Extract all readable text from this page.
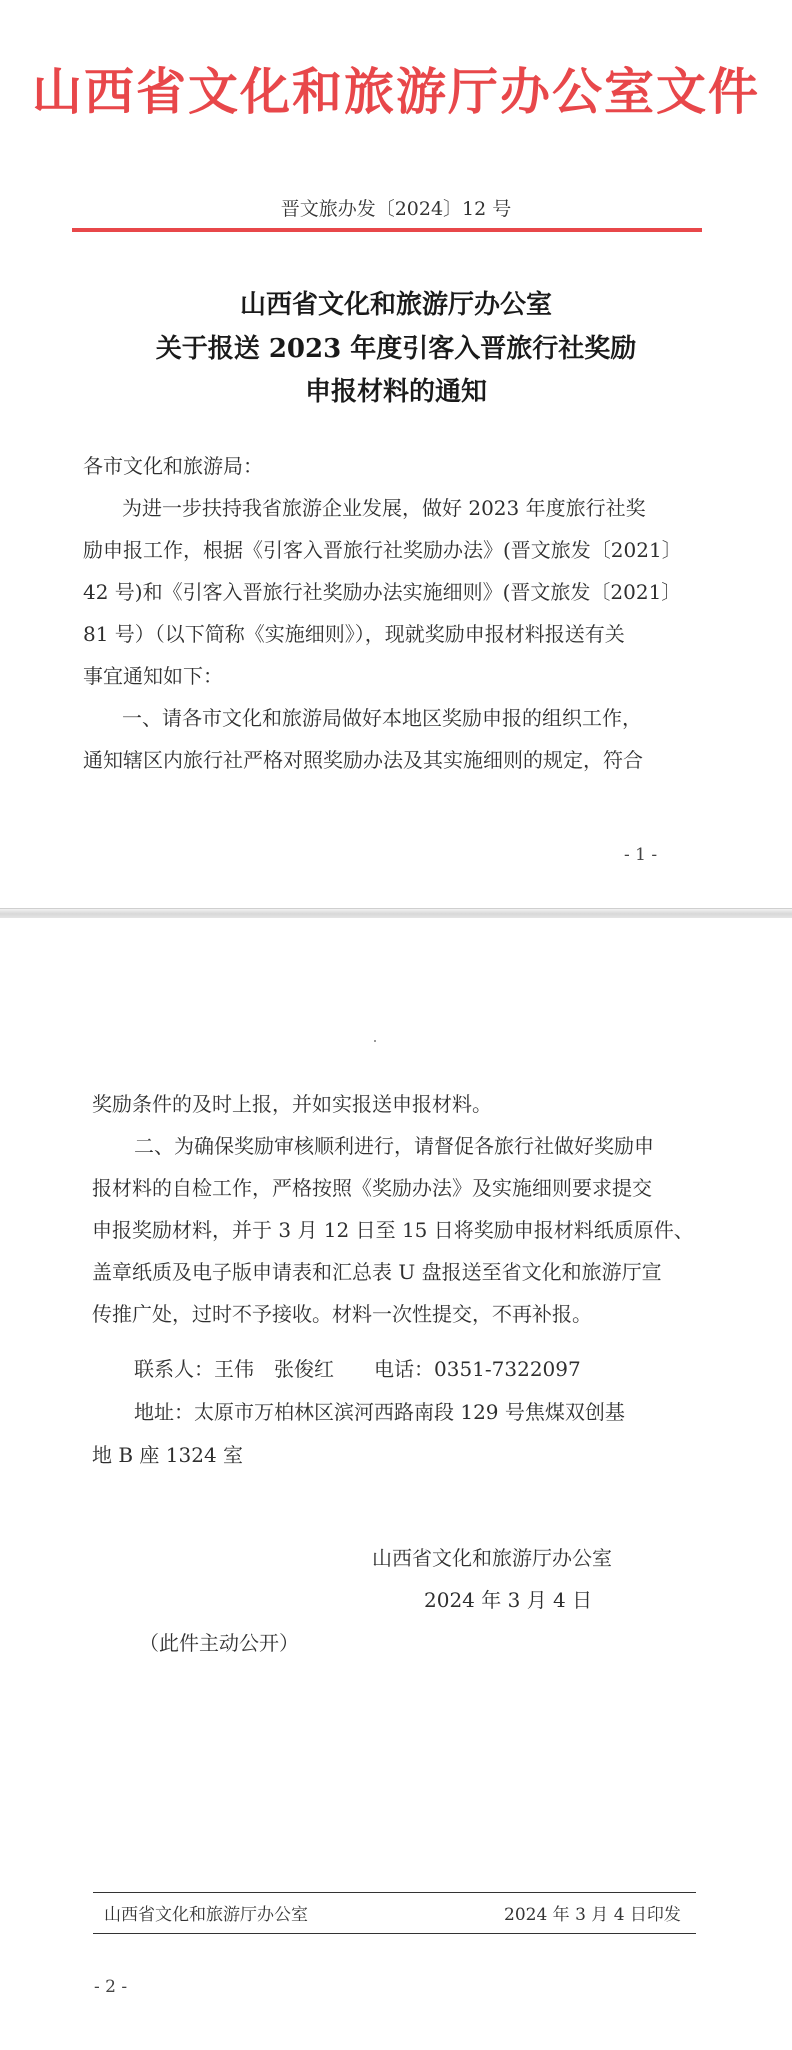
山西省文化和旅游厅办公室文件
晋文旅办发〔2024〕12 号
山西省文化和旅游厅办公室
关于报送 2023 年度引客入晋旅行社奖励
申报材料的通知
各市文化和旅游局：
为进一步扶持我省旅游企业发展，做好 2023 年度旅行社奖
励申报工作，根据《引客入晋旅行社奖励办法》(晋文旅发〔2021〕
42 号)和《引客入晋旅行社奖励办法实施细则》(晋文旅发〔2021〕
81 号）（以下简称《实施细则》），现就奖励申报材料报送有关
事宜通知如下：
一、请各市文化和旅游局做好本地区奖励申报的组织工作，
通知辖区内旅行社严格对照奖励办法及其实施细则的规定，符合
- 1 -
奖励条件的及时上报，并如实报送申报材料。
二、为确保奖励审核顺利进行，请督促各旅行社做好奖励申
报材料的自检工作，严格按照《奖励办法》及实施细则要求提交
申报奖励材料，并于 3 月 12 日至 15 日将奖励申报材料纸质原件、
盖章纸质及电子版申请表和汇总表 U 盘报送至省文化和旅游厅宣
传推广处，过时不予接收。材料一次性提交，不再补报。
联系人：王伟　张俊红　　电话：0351-7322097
地址：太原市万柏林区滨河西路南段 129 号焦煤双创基
地 B 座 1324 室
山西省文化和旅游厅办公室
2024 年 3 月 4 日
（此件主动公开）
山西省文化和旅游厅办公室	2024 年 3 月 4 日印发
- 2 -
